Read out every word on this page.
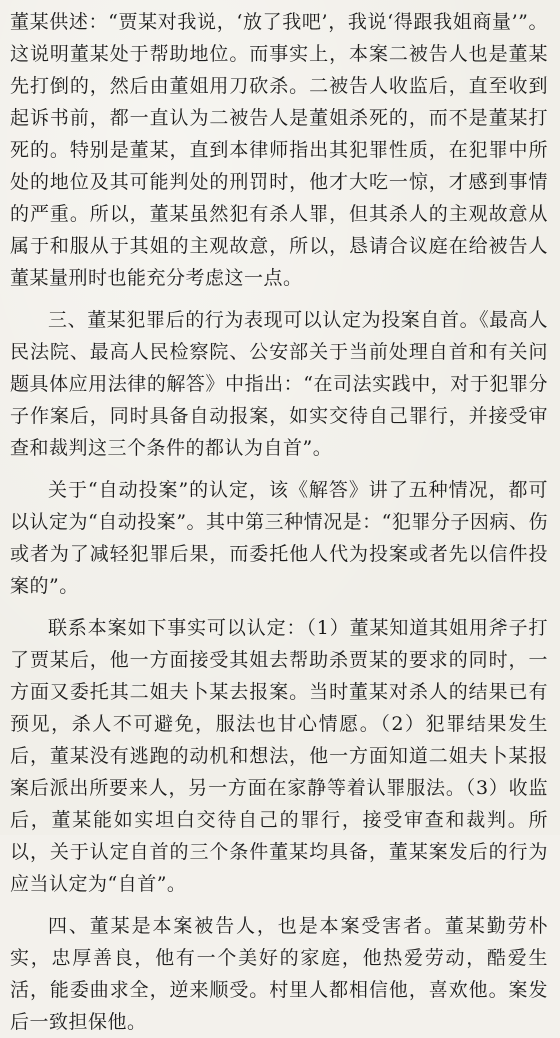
董某供述：“贾某对我说，‘放了我吧’，我说‘得跟我姐商量’”。这说明董某处于帮助地位。而事实上，本案二被告人也是董某先打倒的，然后由董姐用刀砍杀。二被告人收监后，直至收到起诉书前，都一直认为二被告人是董姐杀死的，而不是董某打死的。特别是董某，直到本律师指出其犯罪性质，在犯罪中所处的地位及其可能判处的刑罚时，他才大吃一惊，才感到事情的严重。所以，董某虽然犯有杀人罪，但其杀人的主观故意从属于和服从于其姐的主观故意，所以，恳请合议庭在给被告人董某量刑时也能充分考虑这一点。

三、董某犯罪后的行为表现可以认定为投案自首。《最高人民法院、最高人民检察院、公安部关于当前处理自首和有关问题具体应用法律的解答》中指出：“在司法实践中，对于犯罪分子作案后，同时具备自动报案，如实交待自己罪行，并接受审查和裁判这三个条件的都认为自首”。

关于“自动投案”的认定，该《解答》讲了五种情况，都可以认定为“自动投案”。其中第三种情况是：“犯罪分子因病、伤或者为了减轻犯罪后果，而委托他人代为投案或者先以信件投案的”。

联系本案如下事实可以认定：（1）董某知道其姐用斧子打了贾某后，他一方面接受其姐去帮助杀贾某的要求的同时，一方面又委托其二姐夫卜某去报案。当时董某对杀人的结果已有预见，杀人不可避免，服法也甘心情愿。（2）犯罪结果发生后，董某没有逃跑的动机和想法，他一方面知道二姐夫卜某报案后派出所要来人，另一方面在家静等着认罪服法。（3）收监后，董某能如实坦白交待自己的罪行，接受审查和裁判。所以，关于认定自首的三个条件董某均具备，董某案发后的行为应当认定为“自首”。

四、董某是本案被告人，也是本案受害者。董某勤劳朴实，忠厚善良，他有一个美好的家庭，他热爱劳动，酷爱生活，能委曲求全，逆来顺受。村里人都相信他，喜欢他。案发后一致担保他。
